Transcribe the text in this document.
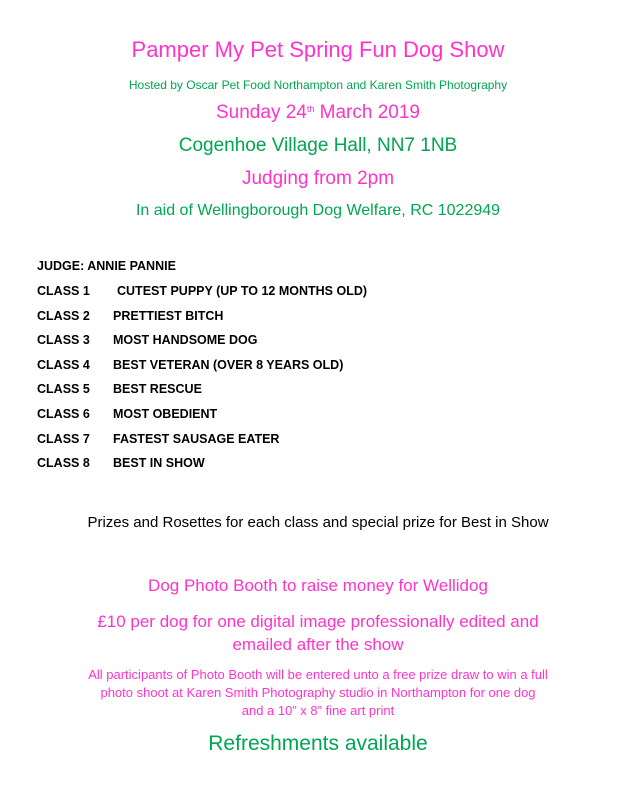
Pamper My Pet Spring Fun Dog Show
Hosted by Oscar Pet Food Northampton and Karen Smith Photography
Sunday 24th March 2019
Cogenhoe Village Hall, NN7 1NB
Judging from 2pm
In aid of Wellingborough Dog Welfare, RC 1022949
JUDGE: ANNIE PANNIE
CLASS 1 CUTEST PUPPY (UP TO 12 MONTHS OLD)
CLASS 2 PRETTIEST BITCH
CLASS 3 MOST HANDSOME DOG
CLASS 4 BEST VETERAN (OVER 8 YEARS OLD)
CLASS 5 BEST RESCUE
CLASS 6 MOST OBEDIENT
CLASS 7 FASTEST SAUSAGE EATER
CLASS 8 BEST IN SHOW
Prizes and Rosettes for each class and special prize for Best in Show
Dog Photo Booth to raise money for Wellidog
£10 per dog for one digital image professionally edited and
emailed after the show
All participants of Photo Booth will be entered unto a free prize draw to win a full
photo shoot at Karen Smith Photography studio in Northampton for one dog
and a 10” x 8” fine art print
Refreshments available
